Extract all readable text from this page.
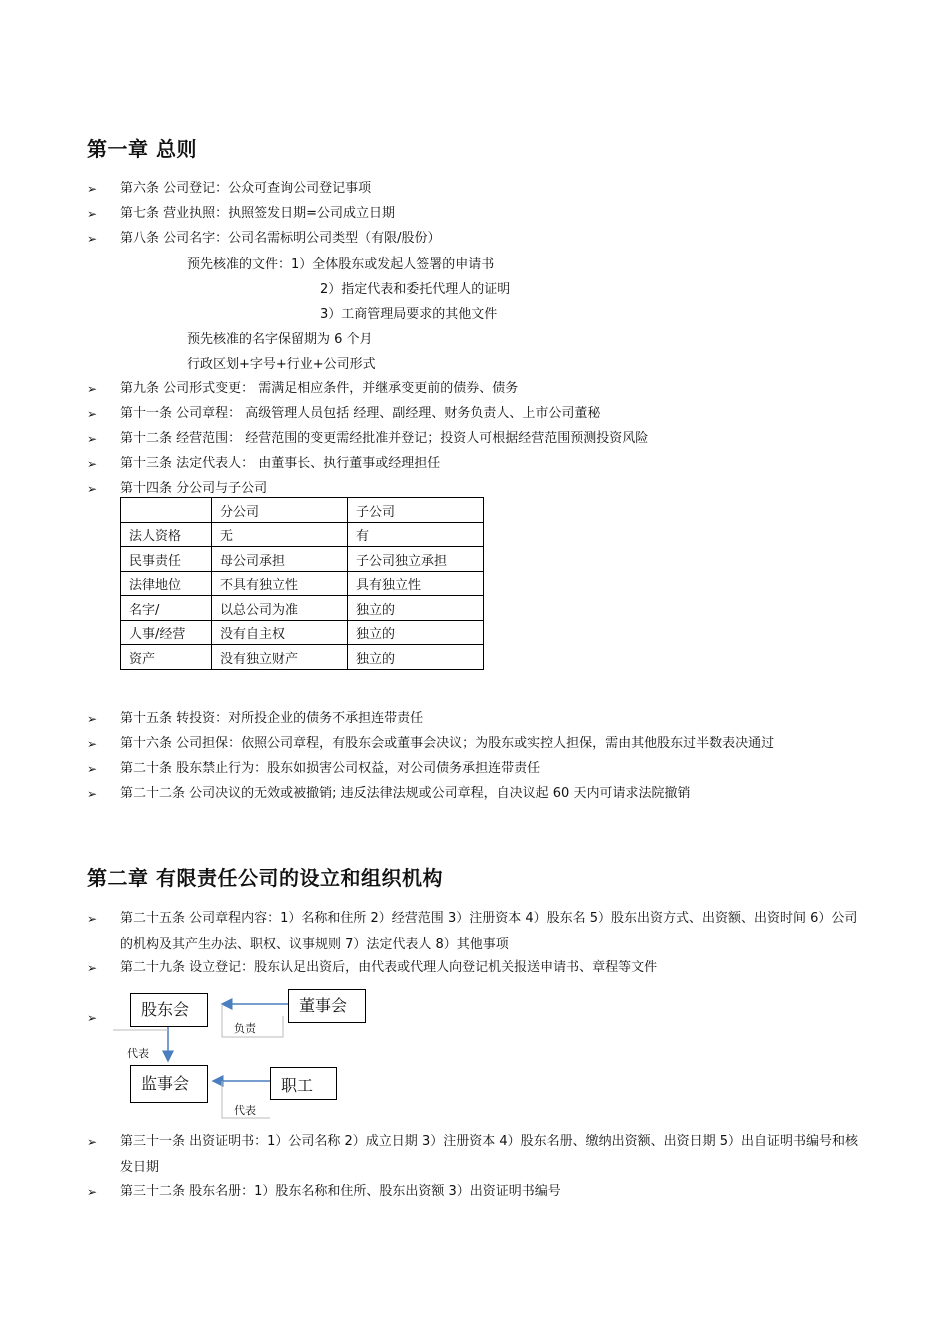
第一章 总则
➢ 第六条 公司登记：公众可查询公司登记事项
➢ 第七条 营业执照：执照签发日期=公司成立日期
➢ 第八条 公司名字：公司名需标明公司类型（有限/股份）
预先核准的文件：1）全体股东或发起人签署的申请书
2）指定代表和委托代理人的证明
3）工商管理局要求的其他文件
预先核准的名字保留期为 6 个月
行政区划+字号+行业+公司形式
➢ 第九条 公司形式变更： 需满足相应条件，并继承变更前的债券、债务
➢ 第十一条 公司章程： 高级管理人员包括 经理、副经理、财务负责人、上市公司董秘
➢ 第十二条 经营范围： 经营范围的变更需经批准并登记；投资人可根据经营范围预测投资风险
➢ 第十三条 法定代表人： 由董事长、执行董事或经理担任
➢ 第十四条 分公司与子公司
	分公司	子公司
法人资格	无	有
民事责任	母公司承担	子公司独立承担
法律地位	不具有独立性	具有独立性
名字/	以总公司为准	独立的
人事/经营	没有自主权	独立的
资产	没有独立财产	独立的
➢ 第十五条 转投资：对所投企业的债务不承担连带责任
➢ 第十六条 公司担保：依照公司章程，有股东会或董事会决议；为股东或实控人担保，需由其他股东过半数表决通过
➢ 第二十条 股东禁止行为：股东如损害公司权益，对公司债务承担连带责任
➢ 第二十二条 公司决议的无效或被撤销; 违反法律法规或公司章程，自决议起 60 天内可请求法院撤销
第二章 有限责任公司的设立和组织机构
➢ 第二十五条 公司章程内容：1）名称和住所 2）经营范围 3）注册资本 4）股东名 5）股东出资方式、出资额、出资时间 6）公司的机构及其产生办法、职权、议事规则 7）法定代表人 8）其他事项
➢ 第二十九条 设立登记：股东认足出资后，由代表或代理人向登记机关报送申请书、章程等文件
➢	股东会	董事会
监事会	职工
负责
代表
代表
➢ 第三十一条 出资证明书：1）公司名称 2）成立日期 3）注册资本 4）股东名册、缴纳出资额、出资日期 5）出自证明书编号和核发日期
➢ 第三十二条 股东名册：1）股东名称和住所、股东出资额 3）出资证明书编号
